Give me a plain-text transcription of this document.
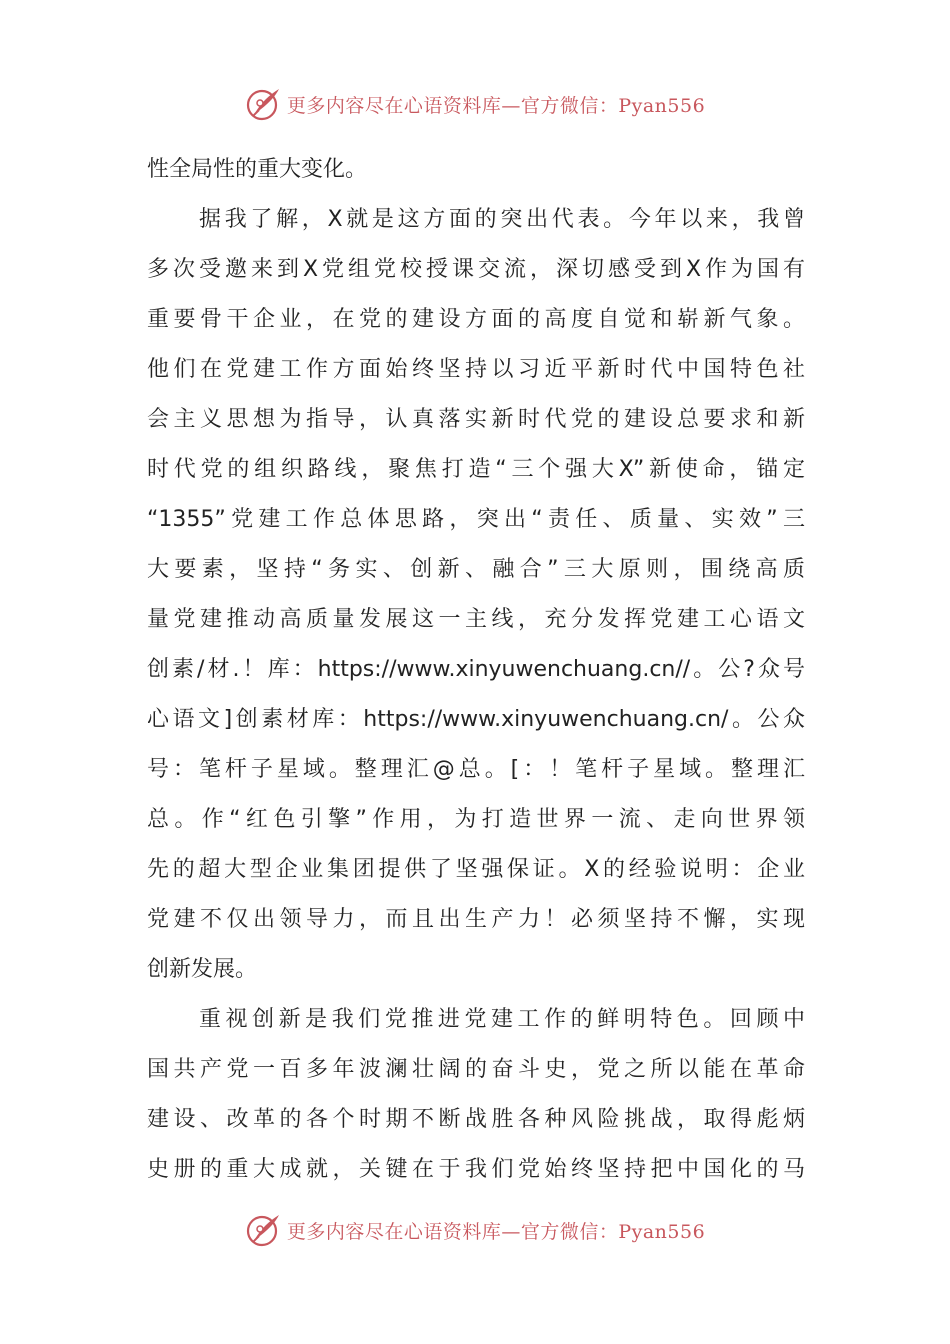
更多内容尽在心语资料库—官方微信：Pyan556
性全局性的重大变化。
据我了解，X就是这方面的突出代表。今年以来，我曾
多次受邀来到X党组党校授课交流，深切感受到X作为国有
重要骨干企业，在党的建设方面的高度自觉和崭新气象。
他们在党建工作方面始终坚持以习近平新时代中国特色社
会主义思想为指导，认真落实新时代党的建设总要求和新
时代党的组织路线，聚焦打造“三个强大X”新使命，锚定
“1355”党建工作总体思路，突出“责任、质量、实效”三
大要素，坚持“务实、创新、融合”三大原则，围绕高质
量党建推动高质量发展这一主线，充分发挥党建工心语文
创素/材.！库：https://www.xinyuwenchuang.cn//。公?众号
心语文]创素材库：https://www.xinyuwenchuang.cn/。公众
号：笔杆子星域。整理汇@总。[：！笔杆子星域。整理汇
总。作“红色引擎”作用，为打造世界一流、走向世界领
先的超大型企业集团提供了坚强保证。X的经验说明：企业
党建不仅出领导力，而且出生产力！必须坚持不懈，实现
创新发展。
重视创新是我们党推进党建工作的鲜明特色。回顾中
国共产党一百多年波澜壮阔的奋斗史，党之所以能在革命
建设、改革的各个时期不断战胜各种风险挑战，取得彪炳
史册的重大成就，关键在于我们党始终坚持把中国化的马
更多内容尽在心语资料库—官方微信：Pyan556
